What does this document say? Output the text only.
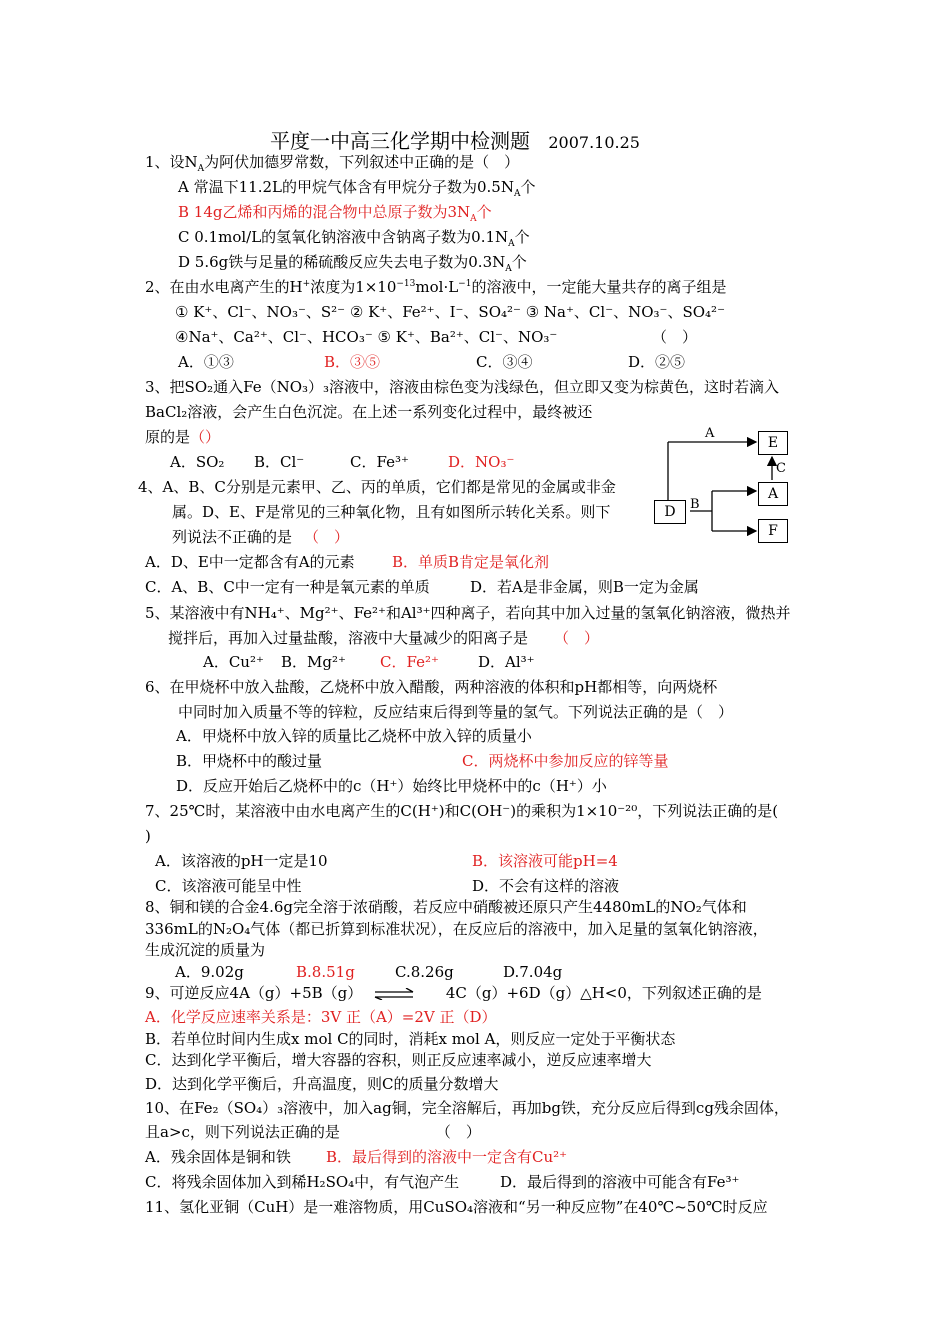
平度一中高三化学期中检测题 2007.10.25
1、设$N_A$为阿伏加德罗常数，下列叙述中正确的是（　）
A 常温下11.2L的甲烷气体含有甲烷分子数为$0.5N_A$个
B 14g乙烯和丙烯的混合物中总原子数为$3N_A$个
C 0.1mol/L的氢氧化钠溶液中含钠离子数为$0.1N_A$个
D 5.6g铁与足量的稀硫酸反应失去电子数为$0.3N_A$个
2、在由水电离产生的H+浓度为$1\times 10^{-13}mol\cdot L^{-1}$的溶液中，一定能大量共存的离子组是
① K⁺、Cl⁻、NO₃⁻、S²⁻ ② K⁺、Fe²⁺、I⁻、SO₄²⁻ ③ Na⁺、Cl⁻、NO₃⁻、SO₄²⁻
④Na⁺、Ca²⁺、Cl⁻、HCO₃⁻ ⑤ K⁺、Ba²⁺、Cl⁻、NO₃⁻	（　）
A．①③	B．③⑤	C．③④	D．②⑤
3、把SO₂通入Fe（NO₃）₃溶液中，溶液由棕色变为浅绿色，但立即又变为棕黄色，这时若滴入
BaCl₂溶液，会产生白色沉淀。在上述一系列变化过程中，最终被还
原的是（）
A．SO₂ B．Cl⁻	C．Fe³⁺	D．NO₃⁻
4、A、B、C分别是元素甲、乙、丙的单质，它们都是常见的金属或非金
属。D、E、F是常见的三种氧化物，且有如图所示转化关系。则下
列说法不正确的是 （　）
A．D、E中一定都含有A的元素 B．单质B肯定是氧化剂
C．A、B、C中一定有一种是氧元素的单质	D．若A是非金属，则B一定为金属
D
E
A
F
A
B
C
5、某溶液中有NH₄⁺、Mg²⁺、Fe²⁺和Al³⁺四种离子，若向其中加入过量的氢氧化钠溶液，微热并
搅拌后，再加入过量盐酸，溶液中大量减少的阳离子是 （　）
A．Cu²⁺ B．Mg²⁺ C．Fe²⁺	D．Al³⁺
6、在甲烧杯中放入盐酸，乙烧杯中放入醋酸，两种溶液的体积和pH都相等，向两烧杯
中同时加入质量不等的锌粒，反应结束后得到等量的氢气。下列说法正确的是（　）
A．甲烧杯中放入锌的质量比乙烧杯中放入锌的质量小
B．甲烧杯中的酸过量	C．两烧杯中参加反应的锌等量
D．反应开始后乙烧杯中的c（H⁺）始终比甲烧杯中的c（H⁺）小
7、25℃时，某溶液中由水电离产生的C(H⁺)和C(OH⁻)的乘积为1×10⁻²⁰，下列说法正确的是(
)
A．该溶液的pH一定是10	B．该溶液可能pH=4
C．该溶液可能呈中性	D．不会有这样的溶液
8、铜和镁的合金4.6g完全溶于浓硝酸，若反应中硝酸被还原只产生4480mL的NO₂气体和
336mL的N₂O₄气体（都已折算到标准状况），在反应后的溶液中，加入足量的氢氧化钠溶液，
生成沉淀的质量为
A．9.02g	B.8.51g	C.8.26g	D.7.04g
9、可逆反应4A（g）+5B（g） ⇌ 4C（g）+6D（g）△H<0，下列叙述正确的是
A．化学反应速率关系是：3V 正（A）=2V 正（D）
B．若单位时间内生成x mol C的同时，消耗x mol A，则反应一定处于平衡状态
C．达到化学平衡后，增大容器的容积，则正反应速率减小，逆反应速率增大
D．达到化学平衡后，升高温度，则C的质量分数增大
10、在Fe₂（SO₄）₃溶液中，加入ag铜，完全溶解后，再加bg铁，充分反应后得到cg残余固体，
且a>c，则下列说法正确的是	（　）
A．残余固体是铜和铁 B．最后得到的溶液中一定含有Cu²⁺
C．将残余固体加入到稀H₂SO₄中，有气泡产生	D．最后得到的溶液中可能含有Fe³⁺
11、氢化亚铜（CuH）是一难溶物质，用CuSO₄溶液和“另一种反应物”在40℃~50℃时反应
